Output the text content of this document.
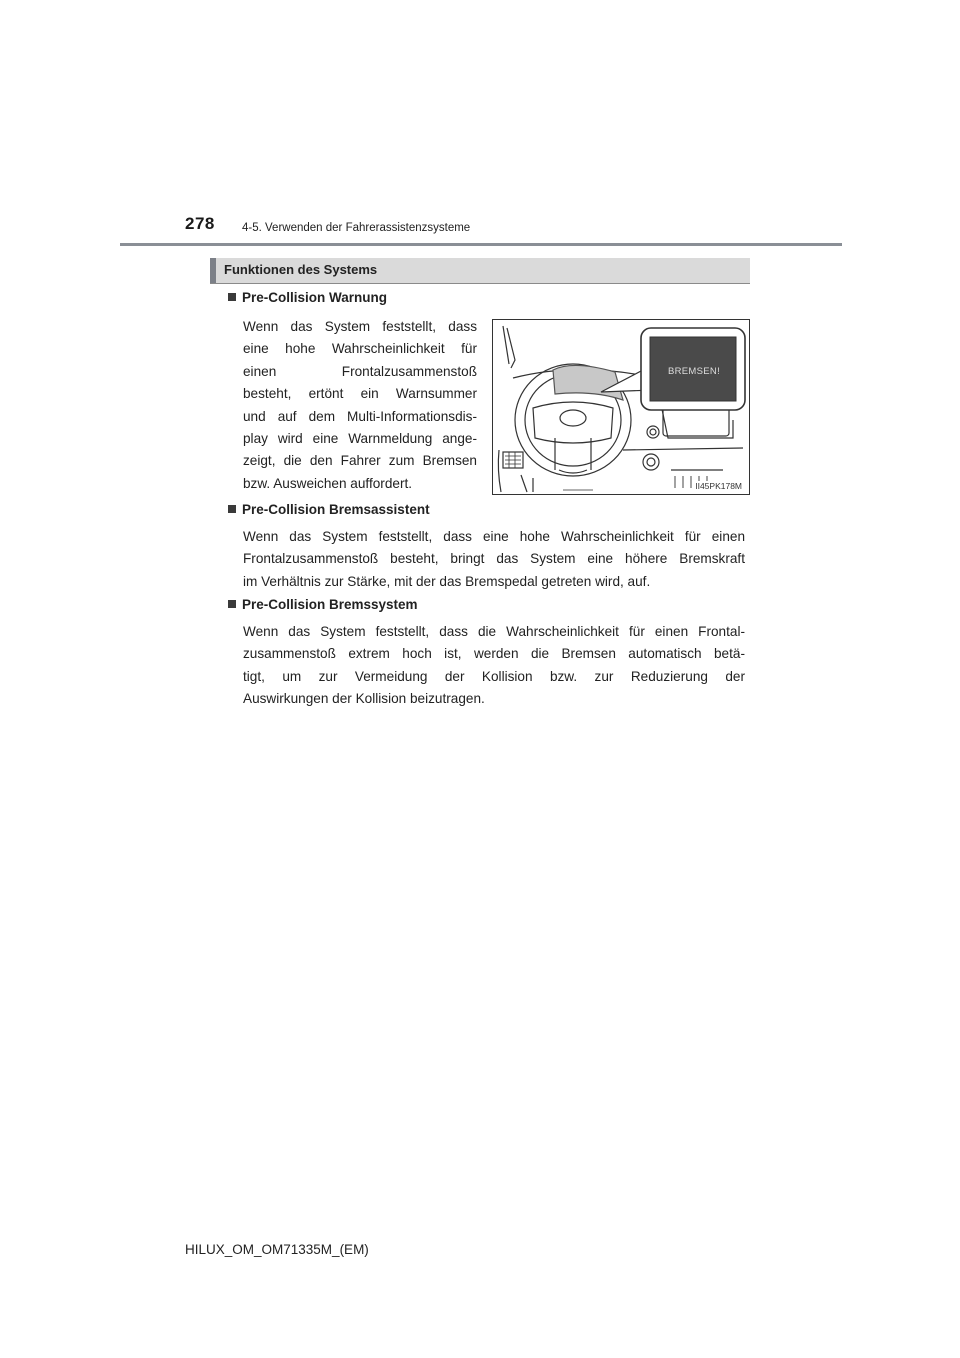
278 4-5. Verwenden der Fahrerassistenzsysteme
Funktionen des Systems
Pre-Collision Warnung
Wenn das System feststellt, dass
eine hohe Wahrscheinlichkeit für
einen Frontalzusammenstoß
besteht, ertönt ein Warnsummer
und auf dem Multi-Informationsdis-
play wird eine Warnmeldung ange-
zeigt, die den Fahrer zum Bremsen
bzw. Ausweichen auffordert.
BREMSEN!
II45PK178M
Pre-Collision Bremsassistent
Wenn das System feststellt, dass eine hohe Wahrscheinlichkeit für einen
Frontalzusammenstoß besteht, bringt das System eine höhere Bremskraft
im Verhältnis zur Stärke, mit der das Bremspedal getreten wird, auf.
Pre-Collision Bremssystem
Wenn das System feststellt, dass die Wahrscheinlichkeit für einen Frontal-
zusammenstoß extrem hoch ist, werden die Bremsen automatisch betä-
tigt, um zur Vermeidung der Kollision bzw. zur Reduzierung der
Auswirkungen der Kollision beizutragen.
HILUX_OM_OM71335M_(EM)
